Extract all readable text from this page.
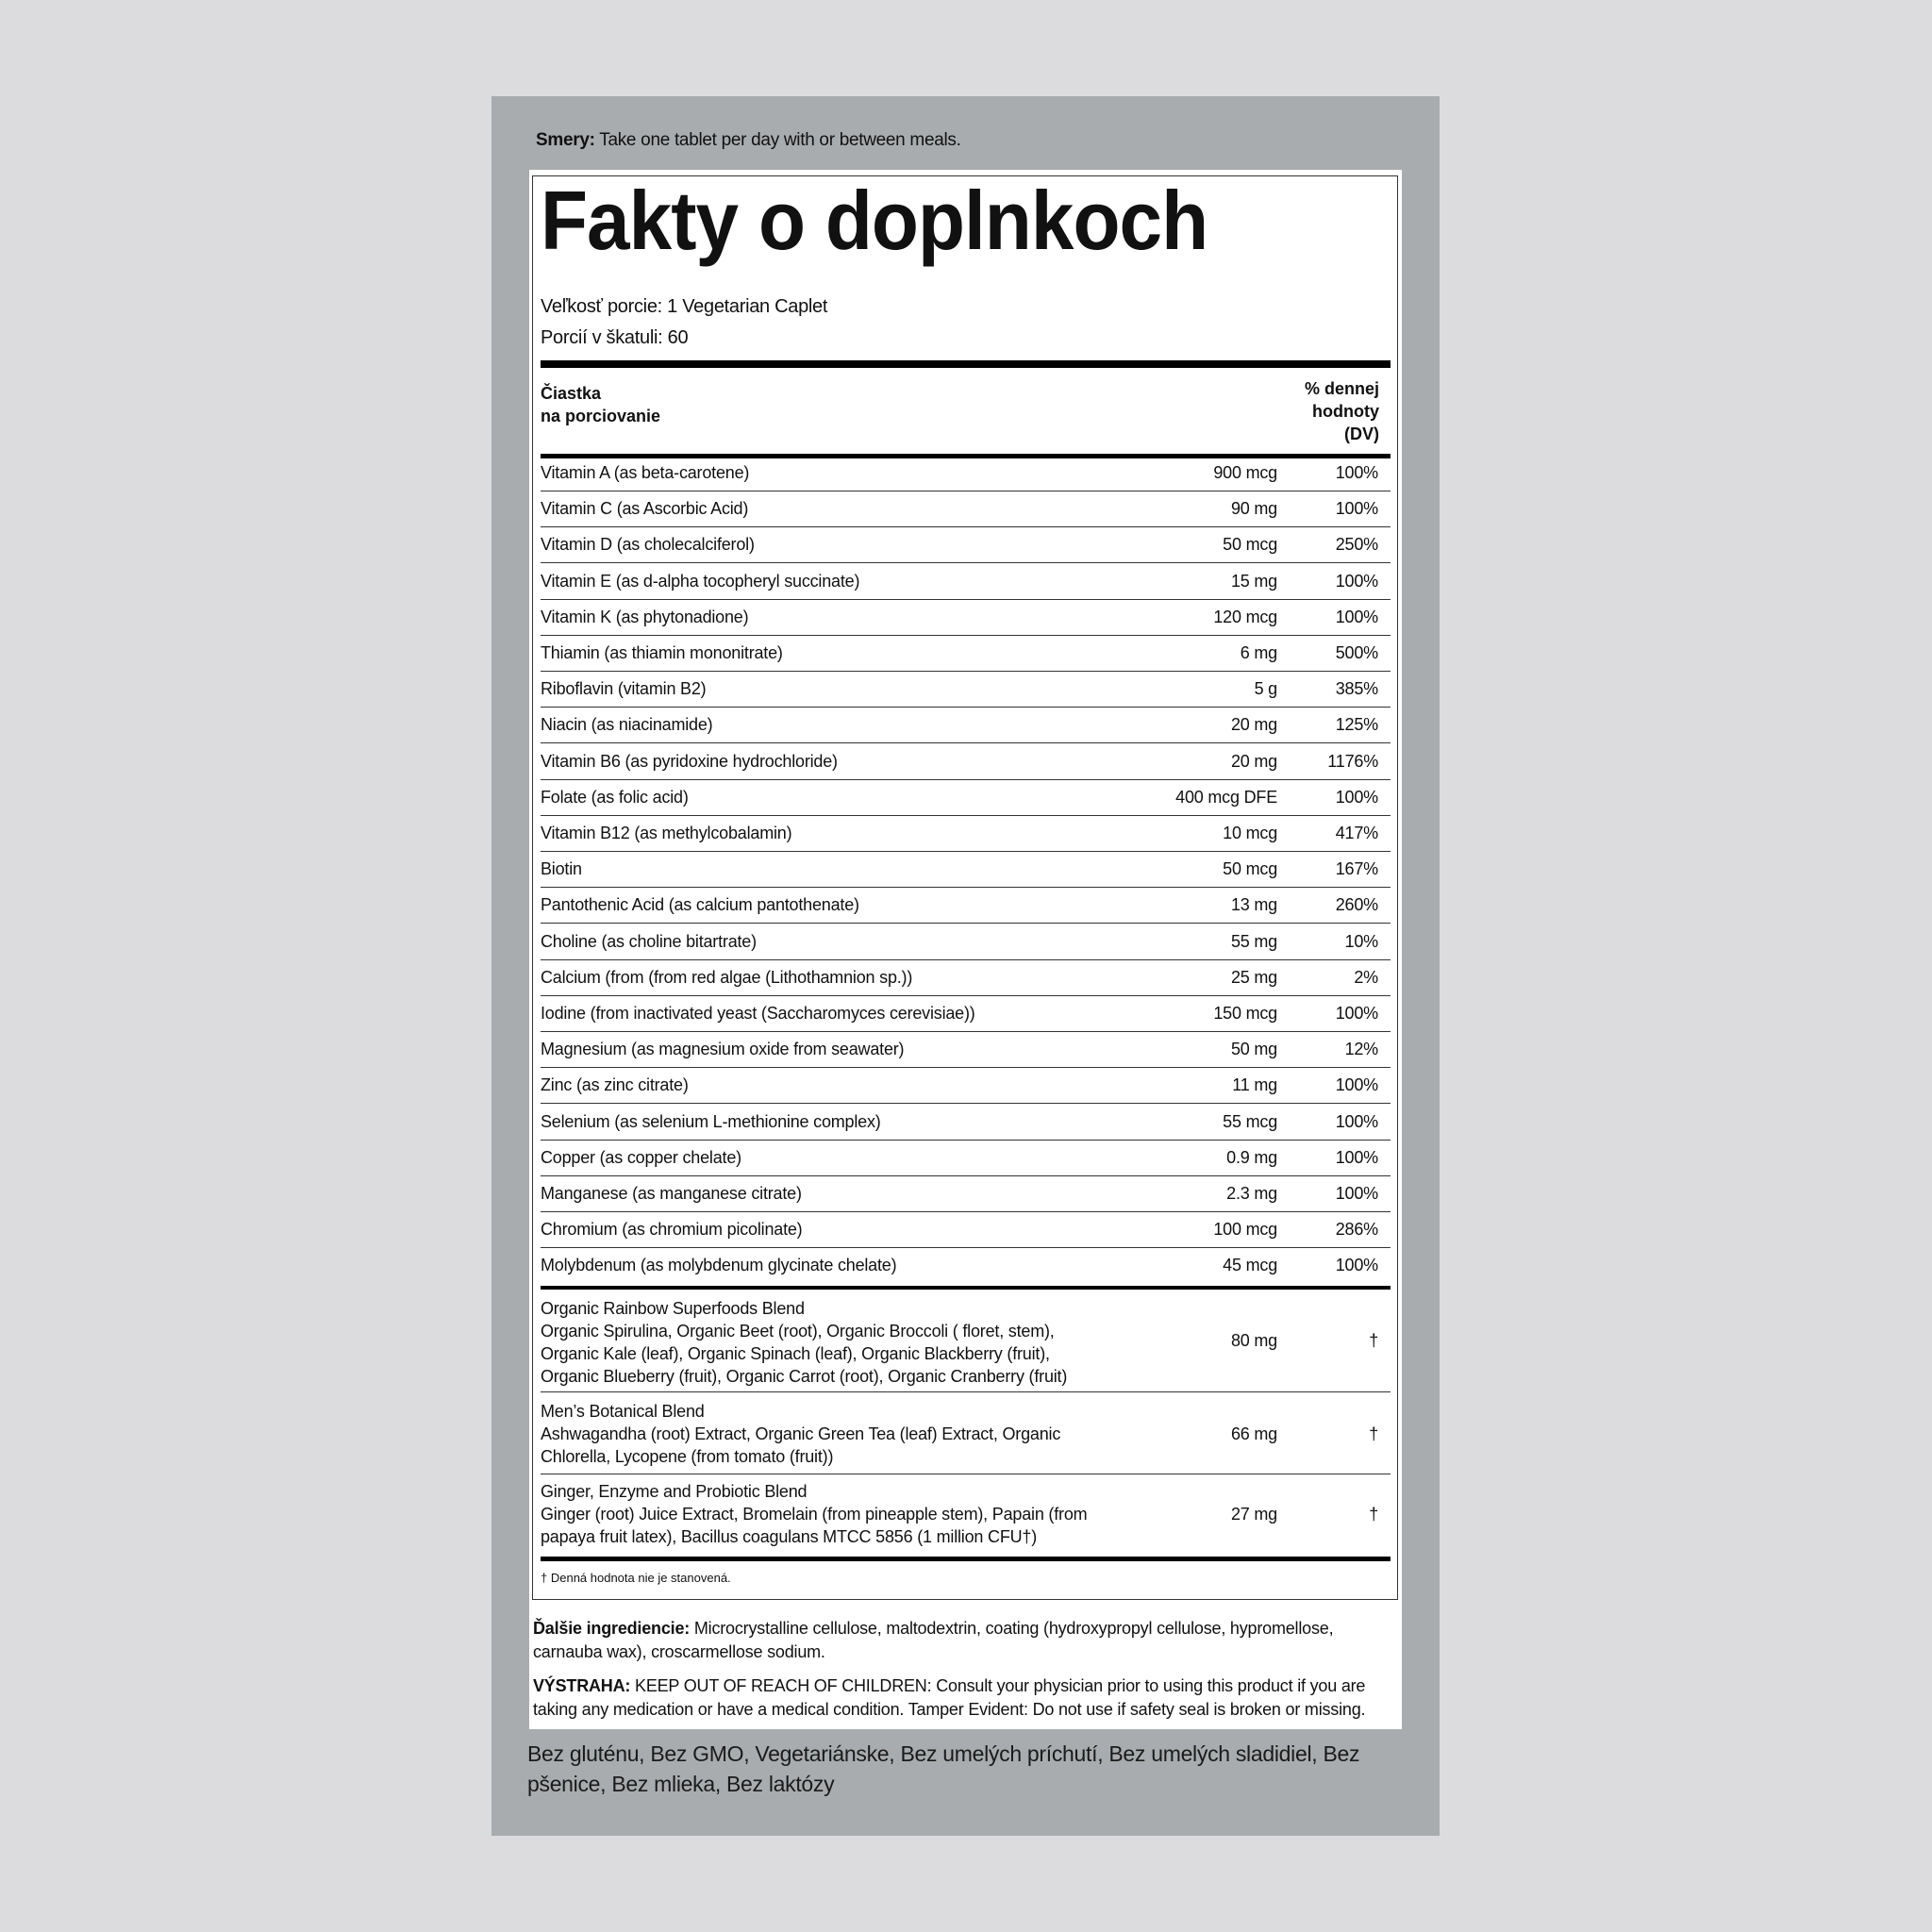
Smery: Take one tablet per day with or between meals.
Fakty o doplnkoch
Veľkosť porcie: 1 Vegetarian Caplet
Porcií v škatuli: 60
Čiastka
na porciovanie
% dennej
hodnoty
(DV)
Vitamin A (as beta-carotene)	900 mcg	100%
Vitamin C (as Ascorbic Acid)	90 mg	100%
Vitamin D (as cholecalciferol)	50 mcg	250%
Vitamin E (as d-alpha tocopheryl succinate)	15 mg	100%
Vitamin K (as phytonadione)	120 mcg	100%
Thiamin (as thiamin mononitrate)	6 mg	500%
Riboflavin (vitamin B2)	5 g	385%
Niacin (as niacinamide)	20 mg	125%
Vitamin B6 (as pyridoxine hydrochloride)	20 mg	1176%
Folate (as folic acid)	400 mcg DFE	100%
Vitamin B12 (as methylcobalamin)	10 mcg	417%
Biotin	50 mcg	167%
Pantothenic Acid (as calcium pantothenate)	13 mg	260%
Choline (as choline bitartrate)	55 mg	10%
Calcium (from (from red algae (Lithothamnion sp.))	25 mg	2%
Iodine (from inactivated yeast (Saccharomyces cerevisiae))	150 mcg	100%
Magnesium (as magnesium oxide from seawater)	50 mg	12%
Zinc (as zinc citrate)	11 mg	100%
Selenium (as selenium L-methionine complex)	55 mcg	100%
Copper (as copper chelate)	0.9 mg	100%
Manganese (as manganese citrate)	2.3 mg	100%
Chromium (as chromium picolinate)	100 mcg	286%
Molybdenum (as molybdenum glycinate chelate)	45 mcg	100%
Organic Rainbow Superfoods Blend
Organic Spirulina, Organic Beet (root), Organic Broccoli ( floret, stem), Organic Kale (leaf), Organic Spinach (leaf), Organic Blackberry (fruit), Organic Blueberry (fruit), Organic Carrot (root), Organic Cranberry (fruit)
80 mg	†
Men’s Botanical Blend
Ashwagandha (root) Extract, Organic Green Tea (leaf) Extract, Organic Chlorella, Lycopene (from tomato (fruit))
66 mg	†
Ginger, Enzyme and Probiotic Blend
Ginger (root) Juice Extract, Bromelain (from pineapple stem), Papain (from papaya fruit latex), Bacillus coagulans MTCC 5856 (1 million CFU†)
27 mg	†
† Denná hodnota nie je stanovená.
Ďalšie ingrediencie: Microcrystalline cellulose, maltodextrin, coating (hydroxypropyl cellulose, hypromellose, carnauba wax), croscarmellose sodium.
VÝSTRAHA: KEEP OUT OF REACH OF CHILDREN: Consult your physician prior to using this product if you are taking any medication or have a medical condition. Tamper Evident: Do not use if safety seal is broken or missing.
Bez glutén​u, Bez GMO, Vegetariánske, Bez umelých príchutí, Bez umelých sladidiel, Bez pšenice, Bez mlieka, Bez laktózy
